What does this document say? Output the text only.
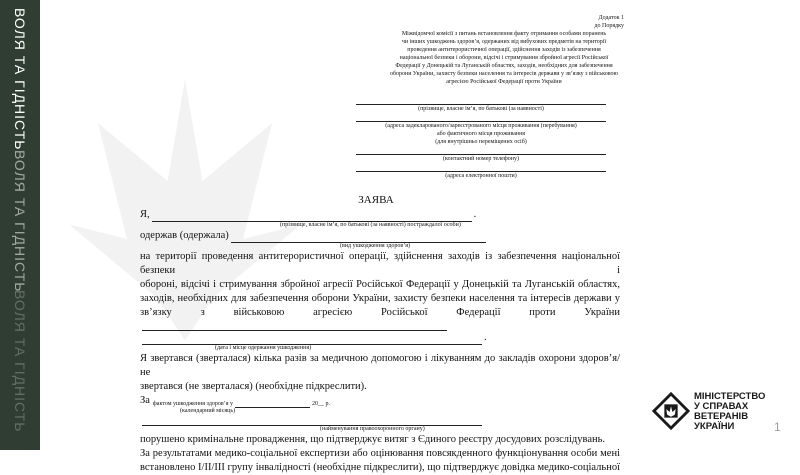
ВОЛЯ ТА ГІДНІСТЬ
ВОЛЯ ТА ГІДНІСТЬ
ВОЛЯ ТА ГІДНІСТЬ
Додаток 1
до Порядку
Міжвідомчої комісії з питань встановлення факту отримання особами поранень
чи інших ушкоджень здоров’я, одержаних від вибухових предметів на території
проведення антитерористичної операції, здійснення заходів із забезпечення
національної безпеки і оборони, відсічі і стримування збройної агресії Російської
Федерації у Донецькій та Луганській областях, заходів, необхідних для забезпечення
оборони України, захисту безпеки населення та інтересів держави у зв’язку з військовою
агресією Російської Федерації проти України
(прізвище, власне ім’я, по батькові (за наявності)
(адреса задекларованого/зареєстрованого місця проживання (перебування)
або фактичного місця проживання
(для внутрішньо переміщених осіб)
(контактний номер телефону)
(адреса електронної пошти)
ЗАЯВА
Я,	.
(прізвище, власне ім’я, по батькові (за наявності) постраждалої особи)
одержав (одержала)
(вид ушкодження здоров’я)
на території проведення антитерористичної операції, здійснення заходів із забезпечення національної безпеки і
обороні, відсічі і стримування збройної агресії Російської Федерації у Донецькій та Луганській областях,
заходів, необхідних для забезпечення оборони України, захисту безпеки населення та інтересів держави у
зв’язку з військовою агресією Російської Федерації проти України
.
(дата і місце одержання ушкодження)
Я звертався (зверталася) кілька разів за медичною допомогою і лікуванням до закладів охорони здоров’я/не
звертався (не зверталася) (необхідне підкреслити).
За фактом ушкодження здоров’я у	20__ р.
(календарний місяць)
(найменування правоохоронного органу)
порушено кримінальне провадження, що підтверджує витяг з Єдиного реєстру досудових розслідувань.
За результатами медико-соціальної експертизи або оцінювання повсякденного функціонування особи мені
встановлено I/II/III групу інвалідності (необхідне підкреслити), що підтверджує довідка медико-соціальної
МІНІСТЕРСТВО
У СПРАВАХ
ВЕТЕРАНІВ
УКРАЇНИ	1
